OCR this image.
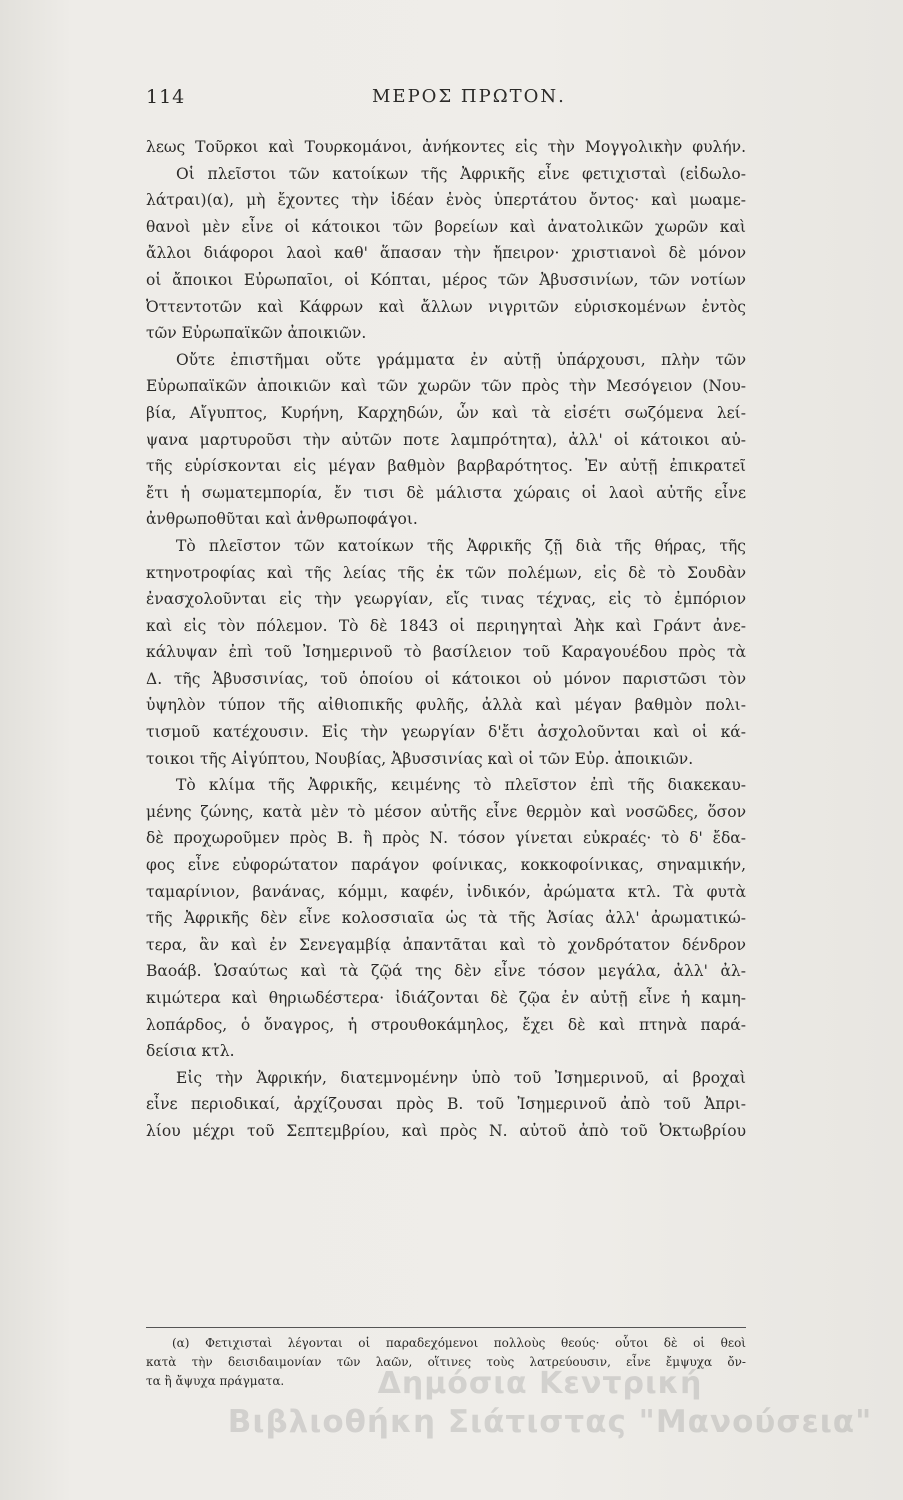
114	ΜΕΡΟΣ ΠΡΩΤΟΝ.
λεως Τοῦρκοι καὶ Τουρκομάνοι, ἀνήκοντες εἰς τὴν Μογγολικὴν φυλήν.
Οἱ πλεῖστοι τῶν κατοίκων τῆς Ἀφρικῆς εἶνε φετιχισταὶ (εἰδωλο-
λάτραι)(α), μὴ ἔχοντες τὴν ἰδέαν ἑνὸς ὑπερτάτου ὄντος· καὶ μωαμε-
θανοὶ μὲν εἶνε οἱ κάτοικοι τῶν βορείων καὶ ἀνατολικῶν χωρῶν καὶ
ἄλλοι διάφοροι λαοὶ καθ' ἅπασαν τὴν ἤπειρον· χριστιανοὶ δὲ μόνον
οἱ ἄποικοι Εὐρωπαῖοι, οἱ Κόπται, μέρος τῶν Ἀβυσσινίων, τῶν νοτίων
Ὀττεντοτῶν καὶ Κάφρων καὶ ἄλλων νιγριτῶν εὑρισκομένων ἐντὸς
τῶν Εὐρωπαϊκῶν ἀποικιῶν.
Οὔτε ἐπιστῆμαι οὔτε γράμματα ἐν αὐτῇ ὑπάρχουσι, πλὴν τῶν
Εὐρωπαϊκῶν ἀποικιῶν καὶ τῶν χωρῶν τῶν πρὸς τὴν Μεσόγειον (Νου-
βία, Αἴγυπτος, Κυρήνη, Καρχηδών, ὧν καὶ τὰ εἰσέτι σωζόμενα λεί-
ψανα μαρτυροῦσι τὴν αὐτῶν ποτε λαμπρότητα), ἀλλ' οἱ κάτοικοι αὐ-
τῆς εὑρίσκονται εἰς μέγαν βαθμὸν βαρβαρότητος. Ἐν αὐτῇ ἐπικρατεῖ
ἔτι ἡ σωματεμπορία, ἔν τισι δὲ μάλιστα χώραις οἱ λαοὶ αὐτῆς εἶνε
ἀνθρωποθῦται καὶ ἀνθρωποφάγοι.
Τὸ πλεῖστον τῶν κατοίκων τῆς Ἀφρικῆς ζῇ διὰ τῆς θήρας, τῆς
κτηνοτροφίας καὶ τῆς λείας τῆς ἐκ τῶν πολέμων, εἰς δὲ τὸ Σουδὰν
ἐνασχολοῦνται εἰς τὴν γεωργίαν, εἴς τινας τέχνας, εἰς τὸ ἐμπόριον
καὶ εἰς τὸν πόλεμον. Τὸ δὲ 1843 οἱ περιηγηταὶ Ἀὴκ καὶ Γράντ ἀνε-
κάλυψαν ἐπὶ τοῦ Ἰσημερινοῦ τὸ βασίλειον τοῦ Καραγουέδου πρὸς τὰ
Δ. τῆς Ἀβυσσινίας, τοῦ ὁποίου οἱ κάτοικοι οὐ μόνον παριστῶσι τὸν
ὑψηλὸν τύπον τῆς αἰθιοπικῆς φυλῆς, ἀλλὰ καὶ μέγαν βαθμὸν πολι-
τισμοῦ κατέχουσιν. Εἰς τὴν γεωργίαν δ'ἔτι ἀσχολοῦνται καὶ οἱ κά-
τοικοι τῆς Αἰγύπτου, Νουβίας, Ἀβυσσινίας καὶ οἱ τῶν Εὐρ. ἀποικιῶν.
Τὸ κλίμα τῆς Ἀφρικῆς, κειμένης τὸ πλεῖστον ἐπὶ τῆς διακεκαυ-
μένης ζώνης, κατὰ μὲν τὸ μέσον αὐτῆς εἶνε θερμὸν καὶ νοσῶδες, ὅσον
δὲ προχωροῦμεν πρὸς Β. ἢ πρὸς Ν. τόσον γίνεται εὐκραές· τὸ δ' ἔδα-
φος εἶνε εὐφορώτατον παράγον φοίνικας, κοκκοφοίνικας, σηναμικήν,
ταμαρίνιον, βανάνας, κόμμι, καφέν, ἰνδικόν, ἀρώματα κτλ. Τὰ φυτὰ
τῆς Ἀφρικῆς δὲν εἶνε κολοσσιαῖα ὡς τὰ τῆς Ἀσίας ἀλλ' ἀρωματικώ-
τερα, ἂν καὶ ἐν Σενεγαμβίᾳ ἀπαντᾶται καὶ τὸ χονδρότατον δένδρον
Βαοάβ. Ὡσαύτως καὶ τὰ ζῷά της δὲν εἶνε τόσον μεγάλα, ἀλλ' ἀλ-
κιμώτερα καὶ θηριωδέστερα· ἰδιάζονται δὲ ζῷα ἐν αὐτῇ εἶνε ἡ καμη-
λοπάρδος, ὁ ὄναγρος, ἡ στρουθοκάμηλος, ἔχει δὲ καὶ πτηνὰ παρά-
δείσια κτλ.
Εἰς τὴν Ἀφρικήν, διατεμνομένην ὑπὸ τοῦ Ἰσημερινοῦ, αἱ βροχαὶ
εἶνε περιοδικαί, ἀρχίζουσαι πρὸς Β. τοῦ Ἰσημερινοῦ ἀπὸ τοῦ Ἀπρι-
λίου μέχρι τοῦ Σεπτεμβρίου, καὶ πρὸς Ν. αὐτοῦ ἀπὸ τοῦ Ὀκτωβρίου
(α) Φετιχισταὶ λέγονται οἱ παραδεχόμενοι πολλοὺς θεούς· οὗτοι δὲ οἱ θεοὶ
κατὰ τὴν δεισιδαιμονίαν τῶν λαῶν, οἵτινες τοὺς λατρεύουσιν, εἶνε ἔμψυχα ὄν-
τα ἢ ἄψυχα πράγματα.	Δημόσια Κεντρική
Βιβλιοθήκη Σιάτιστας "Μανούσεια"
